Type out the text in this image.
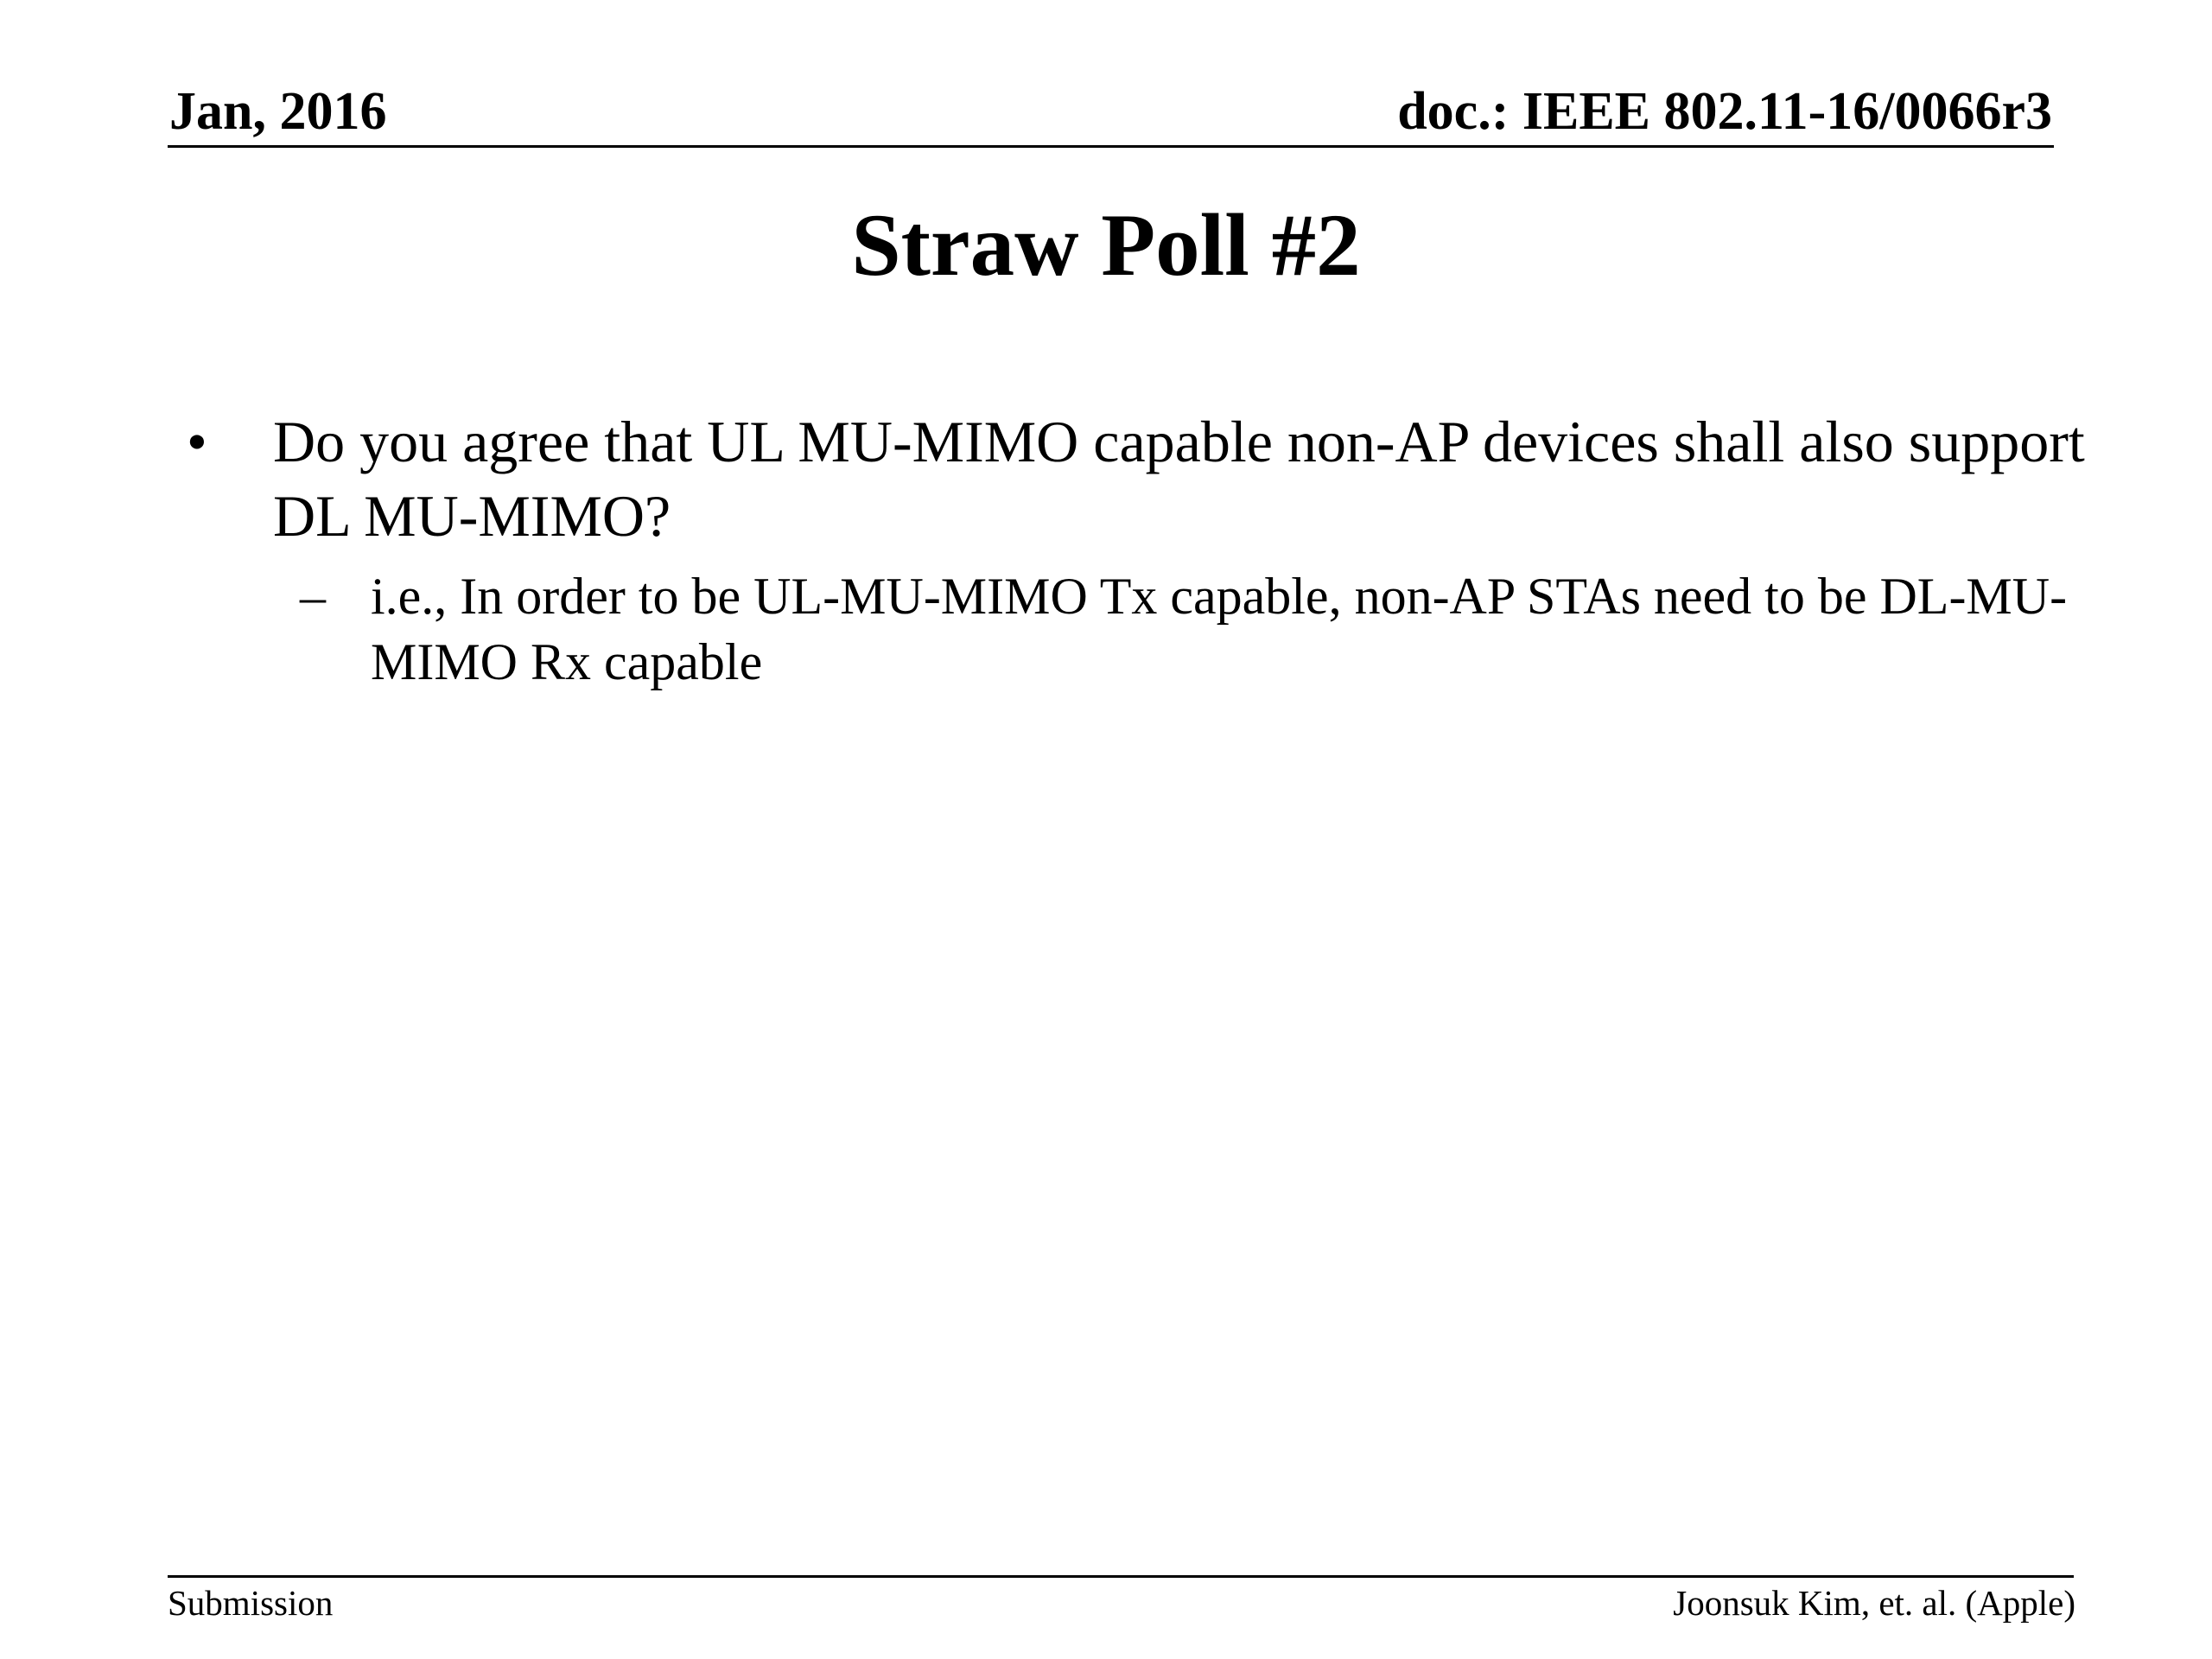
Jan, 2016	doc.: IEEE 802.11-16/0066r3
Straw Poll #2
• Do you agree that UL MU-MIMO capable non-AP devices shall also support DL MU-MIMO?
– i.e., In order to be UL-MU-MIMO Tx capable, non-AP STAs need to be DL-MU-MIMO Rx capable
Submission	Joonsuk Kim, et. al. (Apple)
